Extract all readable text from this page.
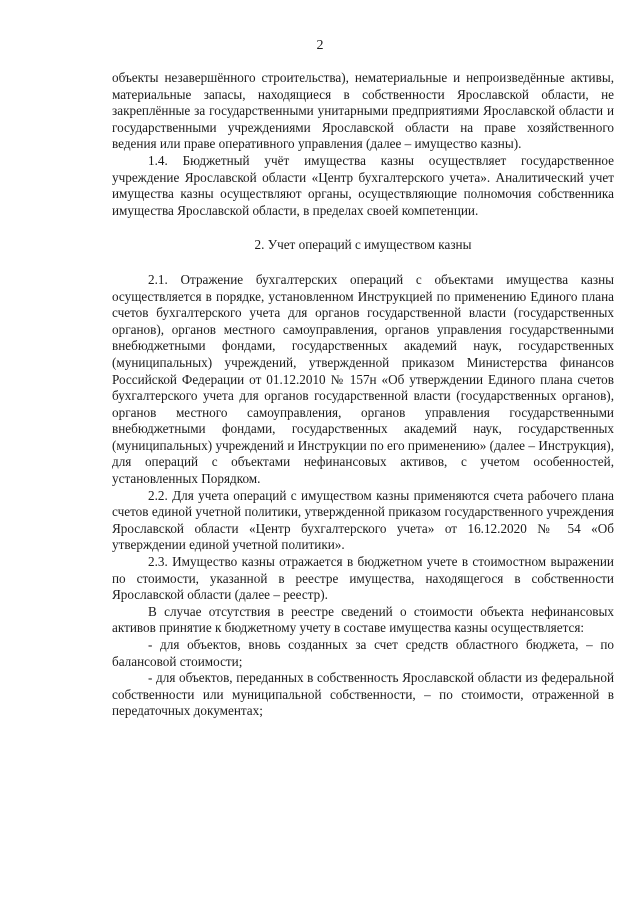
2

объекты незавершённого строительства), нематериальные и непроизведённые активы, материальные запасы, находящиеся в собственности Ярославской области, не закреплённые за государственными унитарными предприятиями Ярославской области и государственными учреждениями Ярославской области на праве хозяйственного ведения или праве оперативного управления (далее – имущество казны).

1.4. Бюджетный учёт имущества казны осуществляет государственное учреждение Ярославской области «Центр бухгалтерского учета». Аналитический учет имущества казны осуществляют органы, осуществляющие полномочия собственника имущества Ярославской области, в пределах своей компетенции.

2. Учет операций с имуществом казны

2.1. Отражение бухгалтерских операций с объектами имущества казны осуществляется в порядке, установленном Инструкцией по применению Единого плана счетов бухгалтерского учета для органов государственной власти (государственных органов), органов местного самоуправления, органов управления государственными внебюджетными фондами, государственных академий наук, государственных (муниципальных) учреждений, утвержденной приказом Министерства финансов Российской Федерации от 01.12.2010 № 157н «Об утверждении Единого плана счетов бухгалтерского учета для органов государственной власти (государственных органов), органов местного самоуправления, органов управления государственными внебюджетными фондами, государственных академий наук, государственных (муниципальных) учреждений и Инструкции по его применению» (далее – Инструкция), для операций с объектами нефинансовых активов, с учетом особенностей, установленных Порядком.

2.2. Для учета операций с имуществом казны применяются счета рабочего плана счетов единой учетной политики, утвержденной приказом государственного учреждения Ярославской области «Центр бухгалтерского учета» от 16.12.2020 № 54 «Об утверждении единой учетной политики».

2.3. Имущество казны отражается в бюджетном учете в стоимостном выражении по стоимости, указанной в реестре имущества, находящегося в собственности Ярославской области (далее – реестр).

В случае отсутствия в реестре сведений о стоимости объекта нефинансовых активов принятие к бюджетному учету в составе имущества казны осуществляется:

- для объектов, вновь созданных за счет средств областного бюджета, – по балансовой стоимости;

- для объектов, переданных в собственность Ярославской области из федеральной собственности или муниципальной собственности, – по стоимости, отраженной в передаточных документах;
